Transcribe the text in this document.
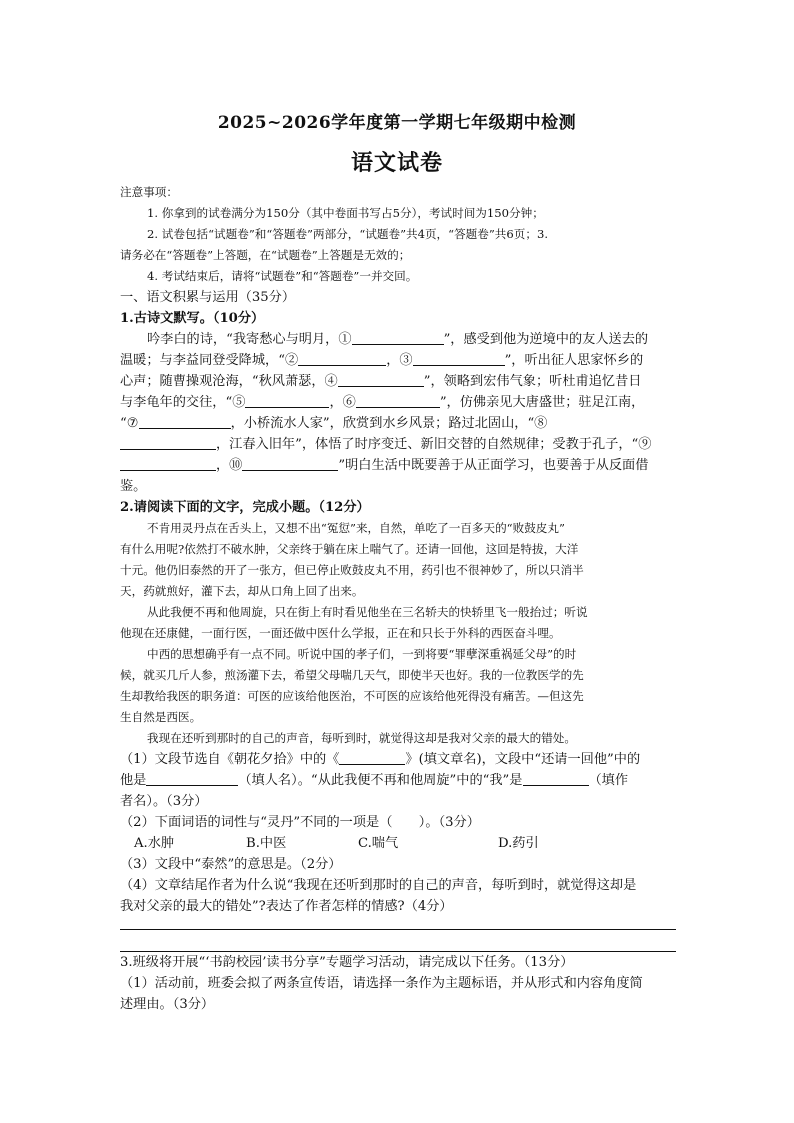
2025~2026学年度第一学期七年级期中检测
语文试卷
注意事项：
1. 你拿到的试卷满分为150分（其中卷面书写占5分），考试时间为150分钟；
2. 试卷包括“试题卷”和“答题卷”两部分，“试题卷”共4页，“答题卷”共6页；3.
请务必在“答题卷”上答题，在“试题卷”上答题是无效的；
4. 考试结束后，请将“试题卷”和“答题卷”一并交回。
一、语文积累与运用（35分）
1.古诗文默写。（10分）
吟李白的诗，“我寄愁心与明月，①	”，感受到他为逆境中的友人送去的
温暖；与李益同登受降城，“②	，③	”，听出征人思家怀乡的
心声；随曹操观沧海，“秋风萧瑟，④	”，领略到宏伟气象；听杜甫追忆昔日
与李龟年的交往，“⑤	，⑥	”，仿佛亲见大唐盛世；驻足江南，
“⑦	，小桥流水人家”，欣赏到水乡风景；路过北固山，“⑧
，江春入旧年”，体悟了时序变迁、新旧交替的自然规律；受教于孔子，“⑨
，⑩	”明白生活中既要善于从正面学习，也要善于从反面借
鉴。
2.请阅读下面的文字，完成小题。（12分）
不肯用灵丹点在舌头上，又想不出“冤愆”来，自然，单吃了一百多天的“败鼓皮丸”
有什么用呢?依然打不破水肿，父亲终于躺在床上喘气了。还请一回他，这回是特拔，大洋
十元。他仍旧泰然的开了一张方，但已停止败鼓皮丸不用，药引也不很神妙了，所以只消半
天，药就煎好，灌下去，却从口角上回了出来。
从此我便不再和他周旋，只在街上有时看见他坐在三名轿夫的快轿里飞一般抬过；听说
他现在还康健，一面行医，一面还做中医什么学报，正在和只长于外科的西医奋斗哩。
中西的思想确乎有一点不同。听说中国的孝子们，一到将要“罪孽深重祸延父母”的时
候，就买几斤人参，煎汤灌下去，希望父母喘几天气，即使半天也好。我的一位教医学的先
生却教给我医的职务道：可医的应该给他医治，不可医的应该给他死得没有痛苦。—但这先
生自然是西医。
我现在还听到那时的自己的声音，每听到时，就觉得这却是我对父亲的最大的错处。
（1）文段节选自《朝花夕拾》中的《	》(填文章名)，文段中“还请一回他”中的
他是	（填人名）。“从此我便不再和他周旋”中的“我”是	（填作
者名）。（3分）
（2）下面词语的词性与“灵丹”不同的一项是（　　）。（3分）
A.水肿	B.中医	C.喘气	D.药引
（3）文段中“泰然”的意思是。（2分）
（4）文章结尾作者为什么说“我现在还听到那时的自己的声音，每听到时，就觉得这却是
我对父亲的最大的错处”?表达了作者怎样的情感?（4分）
3.班级将开展“‘书韵校园’读书分享”专题学习活动，请完成以下任务。（13分）
（1）活动前，班委会拟了两条宣传语，请选择一条作为主题标语，并从形式和内容角度简
述理由。（3分）
